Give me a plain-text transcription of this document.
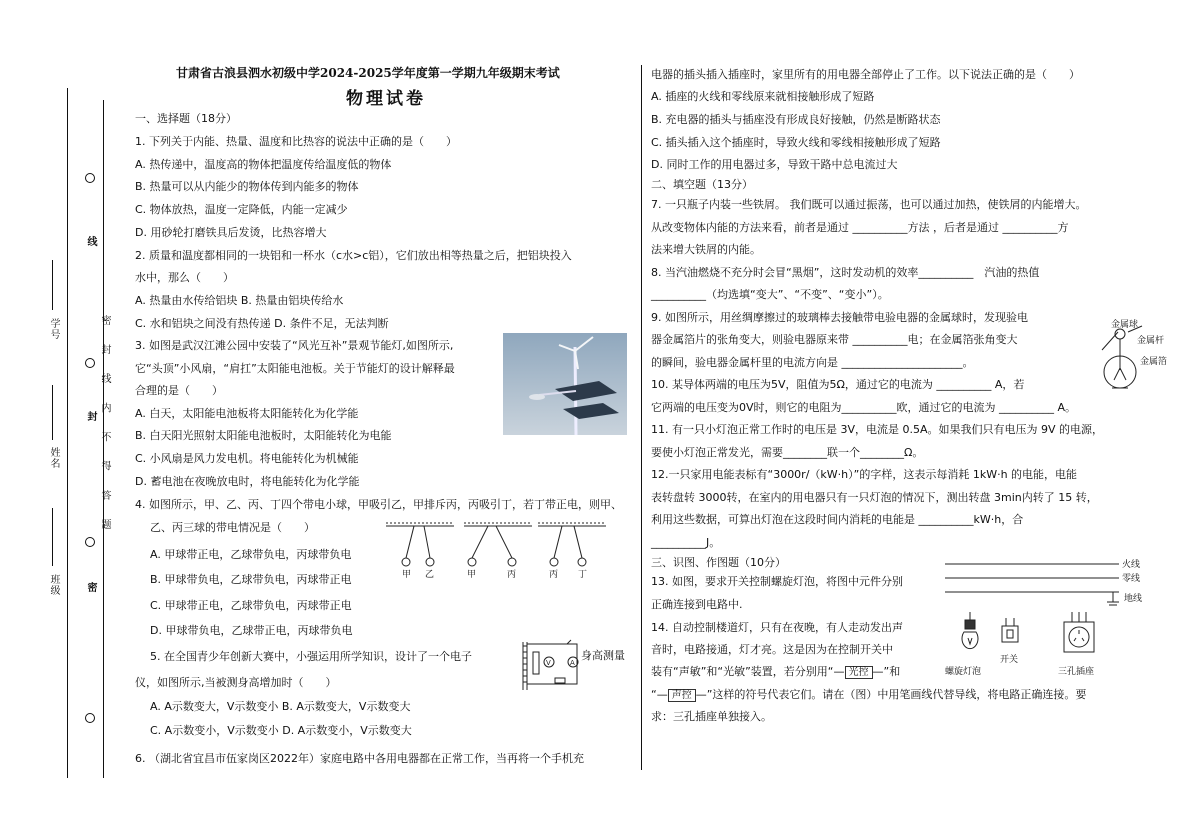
线
封
密
密 封 线 内 不 得 答 题
学号
姓名
班级
甘肃省古浪县泗水初级中学2024-2025学年度第一学期九年级期末考试
物理试卷
一、选择题（18分）
1. 下列关于内能、热量、温度和比热容的说法中正确的是（　　）
A. 热传递中，温度高的物体把温度传给温度低的物体
B. 热量可以从内能少的物体传到内能多的物体
C. 物体放热，温度一定降低，内能一定减少
D. 用砂轮打磨铁具后发烫，比热容增大
2. 质量和温度都相同的一块铝和一杯水（c水>c铝），它们放出相等热量之后，把铝块投入
水中，那么（　　）
A. 热量由水传给铝块 B. 热量由铝块传给水
C. 水和铝块之间没有热传递 D. 条件不足，无法判断
3. 如图是武汉江滩公园中安装了“风光互补”景观节能灯,如图所示,
它“头顶”小风扇，“肩扛”太阳能电池板。关于节能灯的设计解释最
合理的是（　　）
A. 白天，太阳能电池板将太阳能转化为化学能
B. 白天阳光照射太阳能电池板时，太阳能转化为电能
C. 小风扇是风力发电机。将电能转化为机械能
D. 蓄电池在夜晚放电时，将电能转化为化学能
4. 如图所示，甲、乙、丙、丁四个带电小球，甲吸引乙，甲排斥丙，丙吸引丁，若丁带正电，则甲、
乙、丙三球的带电情况是（　　）
A. 甲球带正电，乙球带负电，丙球带负电
B. 甲球带负电，乙球带负电，丙球带正电
C. 甲球带正电，乙球带负电，丙球带正电
D. 甲球带负电，乙球带正电，丙球带负电
甲 乙	甲	丙	丙 丁
5. 在全国青少年创新大赛中，小强运用所学知识，设计了一个电子
仪，如图所示,当被测身高增加时（　　）
V	A
身高测量
A. A示数变大，V示数变小 B. A示数变大，V示数变大
C. A示数变小，V示数变小 D. A示数变小，V示数变大
6. （湖北省宜昌市伍家岗区2022年）家庭电路中各用电器都在正常工作，当再将一个手机充
电器的插头插入插座时，家里所有的用电器全部停止了工作。以下说法正确的是（　　）
A. 插座的火线和零线原来就相接触形成了短路
B. 充电器的插头与插座没有形成良好接触，仍然是断路状态
C. 插头插入这个插座时，导致火线和零线相接触形成了短路
D. 同时工作的用电器过多，导致干路中总电流过大
二、填空题（13分）
7. 一只瓶子内装一些铁屑。 我们既可以通过振荡，也可以通过加热，使铁屑的内能增大。
从改变物体内能的方法来看，前者是通过 __________方法 ，后者是通过 __________方
法来增大铁屑的内能。
8. 当汽油燃烧不充分时会冒“黑烟”，这时发动机的效率__________　汽油的热值
__________（均选填“变大”、“不变”、“变小”）。
9. 如图所示，用丝绸摩擦过的玻璃棒去接触带电验电器的金属球时，发现验电
器金属箔片的张角变大，则验电器原来带 __________电；在金属箔张角变大
的瞬间，验电器金属杆里的电流方向是 ______________________。
金属球
金属杆
金属箔
10. 某导体两端的电压为5V，阻值为5Ω，通过它的电流为 __________ A，若
它两端的电压变为0V时，则它的电阻为__________欧，通过它的电流为 __________ A。
11. 有一只小灯泡正常工作时的电压是 3V，电流是 0.5A。如果我们只有电压为 9V 的电源，
要使小灯泡正常发光，需要________联一个________Ω。
12.一只家用电能表标有“3000r/（kW·h）”的字样，这表示每消耗 1kW·h 的电能，电能
表转盘转 3000转，在室内的用电器只有一只灯泡的情况下，测出转盘 3min内转了 15 转，
利用这些数据，可算出灯泡在这段时间内消耗的电能是 __________kW·h，合
__________J。
三、识图、作图题（10分）
13. 如图，要求开关控制螺旋灯泡，将图中元件分别
正确连接到电路中.
火线
零线
地线
14. 自动控制楼道灯，只有在夜晚，有人走动发出声
音时，电路接通，灯才亮。这是因为在控制开关中
装有“声敏”和“光敏”装置，若分别用“— 光控 —”和
“— 声控 —”这样的符号代表它们。请在（图）中用笔画线代替导线，将电路正确连接。要
求：三孔插座单独接入。
螺旋灯泡
开关
三孔插座
